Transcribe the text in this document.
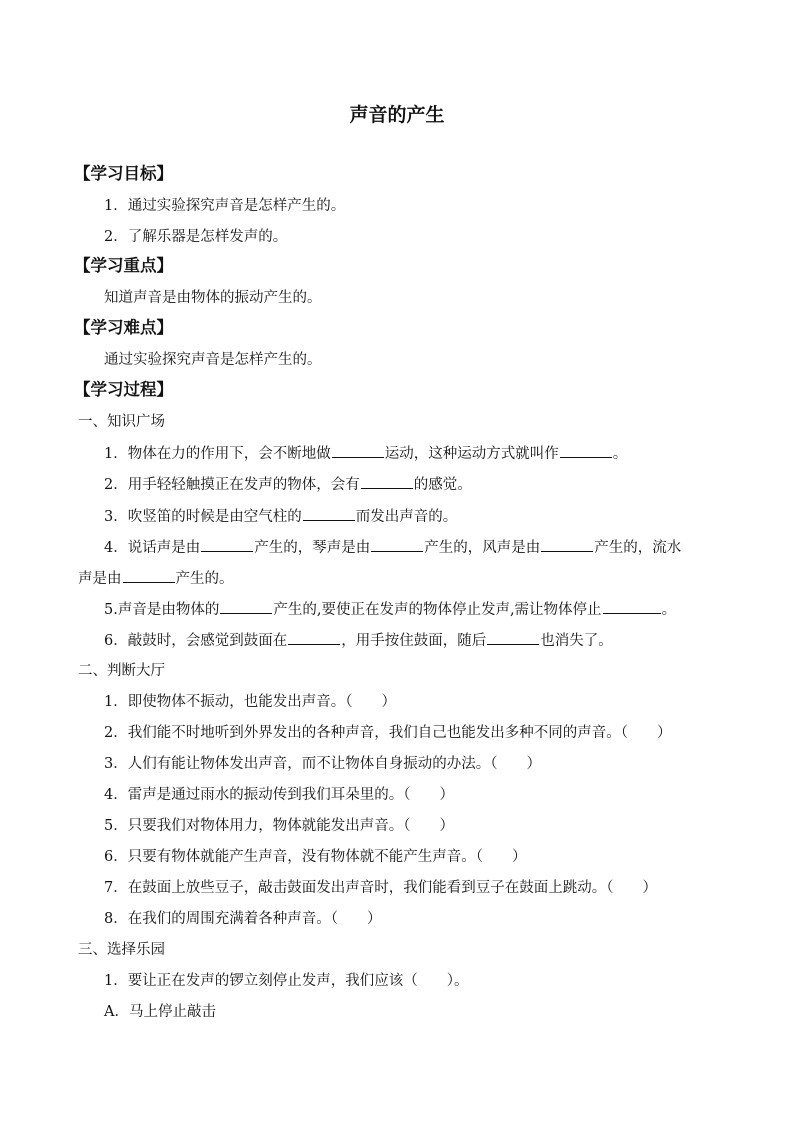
声音的产生
【学习目标】
1．通过实验探究声音是怎样产生的。
2．了解乐器是怎样发声的。
【学习重点】
知道声音是由物体的振动产生的。
【学习难点】
通过实验探究声音是怎样产生的。
【学习过程】
一、知识广场
1．物体在力的作用下，会不断地做	运动，这种运动方式就叫作	。
2．用手轻轻触摸正在发声的物体，会有	的感觉。
3．吹竖笛的时候是由空气柱的	而发出声音的。
4．说话声是由	产生的，琴声是由	产生的，风声是由	产生的，流水
声是由	产生的。
5.声音是由物体的	产生的,要使正在发声的物体停止发声,需让物体停止	。
6．敲鼓时，会感觉到鼓面在	，用手按住鼓面，随后	也消失了。
二、判断大厅
1．即使物体不振动，也能发出声音。（　　）
2．我们能不时地听到外界发出的各种声音，我们自己也能发出多种不同的声音。（　　）
3．人们有能让物体发出声音，而不让物体自身振动的办法。（　　）
4．雷声是通过雨水的振动传到我们耳朵里的。（　　）
5．只要我们对物体用力，物体就能发出声音。（　　）
6．只要有物体就能产生声音，没有物体就不能产生声音。（　　）
7．在鼓面上放些豆子，敲击鼓面发出声音时，我们能看到豆子在鼓面上跳动。（　　）
8．在我们的周围充满着各种声音。（　　）
三、选择乐园
1．要让正在发声的锣立刻停止发声，我们应该（　　）。
A．马上停止敲击
